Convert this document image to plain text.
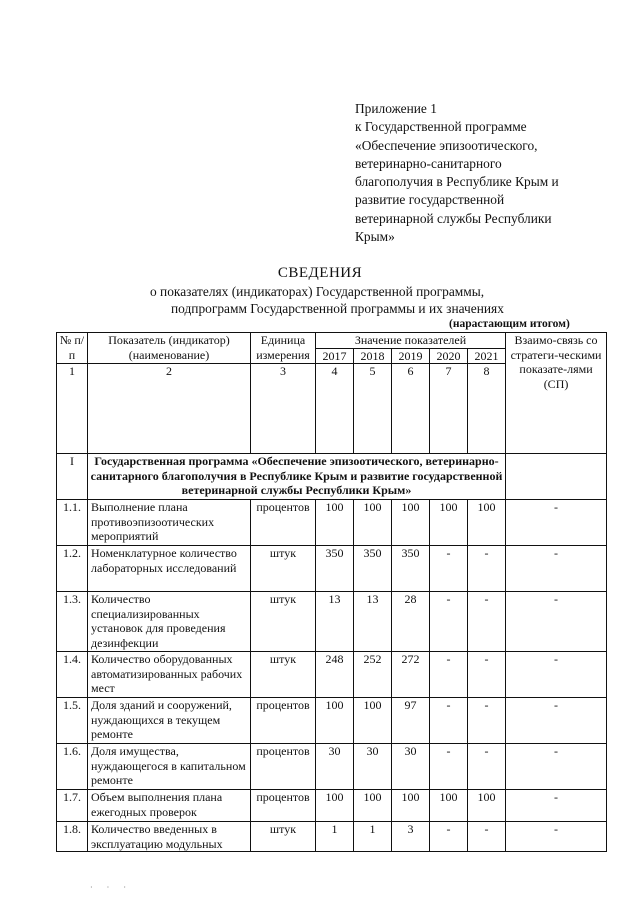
Приложение 1
к Государственной программе
«Обеспечение эпизоотического,
ветеринарно-санитарного
благополучия в Республике Крым и
развитие государственной
ветеринарной службы Республики
Крым»
СВЕДЕНИЯ
о показателях (индикаторах) Государственной программы,
подпрограмм Государственной программы и их значениях
(нарастающим итогом)
№ п/п	Показатель (индикатор) (наименование)	Единица измерения	Значение показателей					Взаимо-связь со стратеги-ческими показате-лями (СП)
			2017	2018	2019	2020	2021	
1	2	3	4	5	6	7	8	
I	Государственная программа «Обеспечение эпизоотического, ветеринарно-санитарного благополучия в Республике Крым и развитие государственной ветеринарной службы Республики Крым»							
1.1.	Выполнение плана противоэпизоотических мероприятий	процентов	100	100	100	100	100	-
1.2.	Номенклатурное количество лабораторных исследований	штук	350	350	350	-	-	-
1.3.	Количество специализированных установок для проведения дезинфекции	штук	13	13	28	-	-	-
1.4.	Количество оборудованных автоматизированных рабочих мест	штук	248	252	272	-	-	-
1.5.	Доля зданий и сооружений, нуждающихся в текущем ремонте	процентов	100	100	97	-	-	-
1.6.	Доля имущества, нуждающегося в капитальном ремонте	процентов	30	30	30	-	-	-
1.7.	Объем выполнения плана ежегодных проверок	процентов	100	100	100	100	100	-
1.8.	Количество введенных в эксплуатацию модульных	штук	1	1	3	-	-	-
· · ·
